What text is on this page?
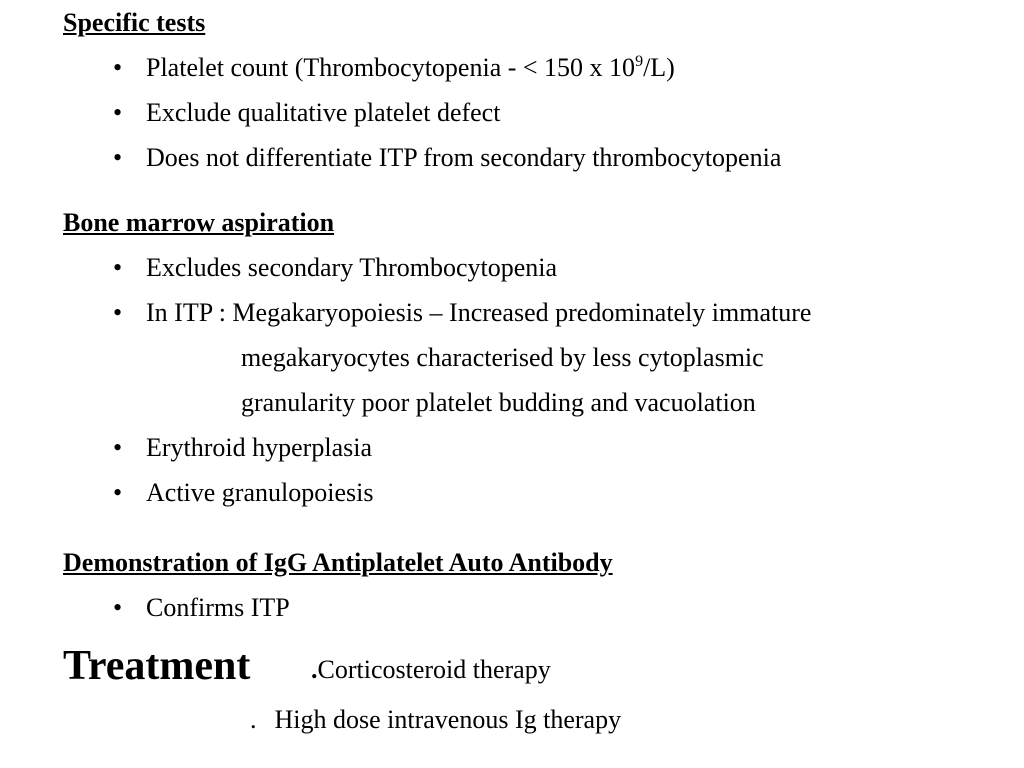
Specific tests
• Platelet count (Thrombocytopenia - < 150 x $10^9/L$)
• Exclude qualitative platelet defect
• Does not differentiate ITP from secondary thrombocytopenia
Bone marrow aspiration
• Excludes secondary Thrombocytopenia
• In ITP : Megakaryopoiesis – Increased predominately immature
megakaryocytes characterised by less cytoplasmic
granularity poor platelet budding and vacuolation
• Erythroid hyperplasia
• Active granulopoiesis
Demonstration of IgG Antiplatelet Auto Antibody
• Confirms ITP
Treatment .Corticosteroid therapy
. High dose intravenous Ig therapy
